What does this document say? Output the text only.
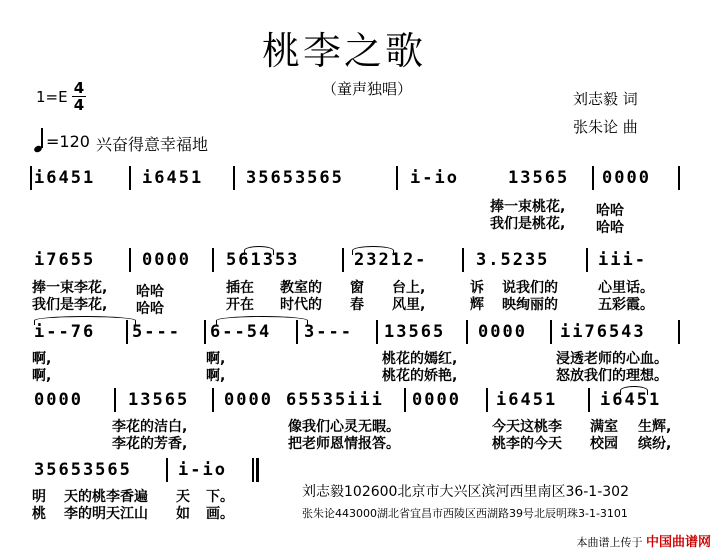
桃李之歌
（童声独唱）
1=E 4
4	刘志毅 词
张朱论 曲
=120 兴奋得意幸福地
i6451	i6451	35653565	i-io	13565 0000
捧一束桃花, 哈哈
我们是桃花, 哈哈
i7655	0000 561353	23212-	3.5235	iii-
捧一束李花, 哈哈	插在 教室的 窗 台上,	诉 说我们的	心里话。
我们是李花, 哈哈	开在 时代的 春 风里,	辉 映绚丽的	五彩霞。
i--76 5--- 6--54 3--- 13565 0000 ii76543
啊,	啊,	桃花的嫣红,	浸透老师的心血。
啊,	啊,	桃花的娇艳,	怒放我们的理想。
0000	13565 0000 65535iii 0000 i6451	i6451
李花的洁白,	像我们心灵无暇。	今天这桃李 满室 生辉,
李花的芳香,	把老师恩情报答。	桃李的今天 校园 缤纷,
35653565	i-io
明 天的桃李香遍 天 下。
桃 李的明天江山 如 画。
刘志毅102600北京市大兴区滨河西里南区36-1-302
张朱论443000湖北省宜昌市西陵区西湖路39号北辰明珠3-1-3101
本曲谱上传于 中国曲谱网
